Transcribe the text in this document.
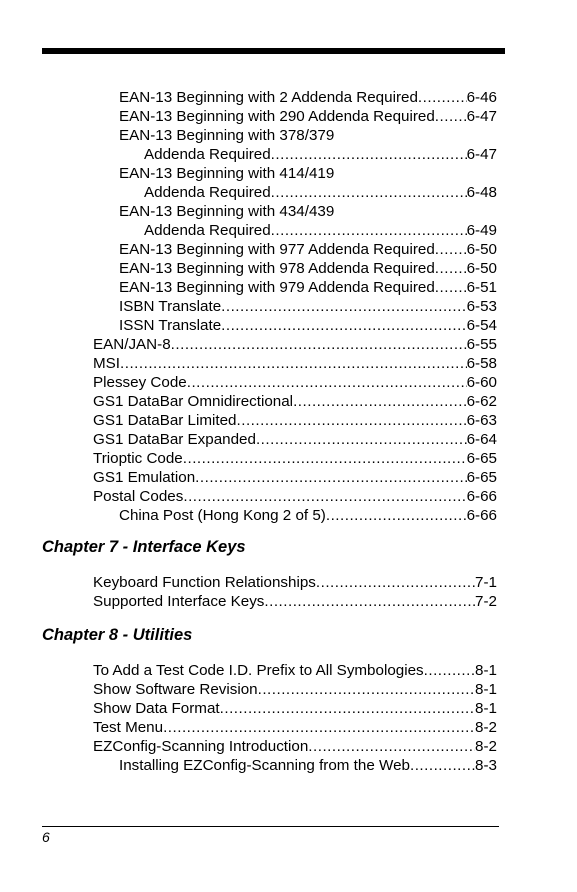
EAN-13 Beginning with 2 Addenda Required .....	6-46
EAN-13 Beginning with 290 Addenda Required ..... 6-47
EAN-13 Beginning with 378/379
Addenda Required .....	6-47
EAN-13 Beginning with 414/419
Addenda Required .....	6-48
EAN-13 Beginning with 434/439
Addenda Required .....	6-49
EAN-13 Beginning with 977 Addenda Required ..... 6-50
EAN-13 Beginning with 978 Addenda Required ..... 6-50
EAN-13 Beginning with 979 Addenda Required ..... 6-51
ISBN Translate .....	6-53
ISSN Translate .....	6-54
EAN/JAN-8 .....	6-55
MSI .....	6-58
Plessey Code .....	6-60
GS1 DataBar Omnidirectional .....	6-62
GS1 DataBar Limited .....	6-63
GS1 DataBar Expanded .....	6-64
Trioptic Code .....	6-65
GS1 Emulation .....	6-65
Postal Codes .....	6-66
China Post (Hong Kong 2 of 5) .....	6-66
Chapter 7 - Interface Keys
Keyboard Function Relationships .....	7-1
Supported Interface Keys .....	7-2
Chapter 8 - Utilities
To Add a Test Code I.D. Prefix to All Symbologies .....	8-1
Show Software Revision .....	8-1
Show Data Format .....	8-1
Test Menu .....	8-2
EZConfig-Scanning Introduction .....	8-2
Installing EZConfig-Scanning from the Web .....	8-3
6
